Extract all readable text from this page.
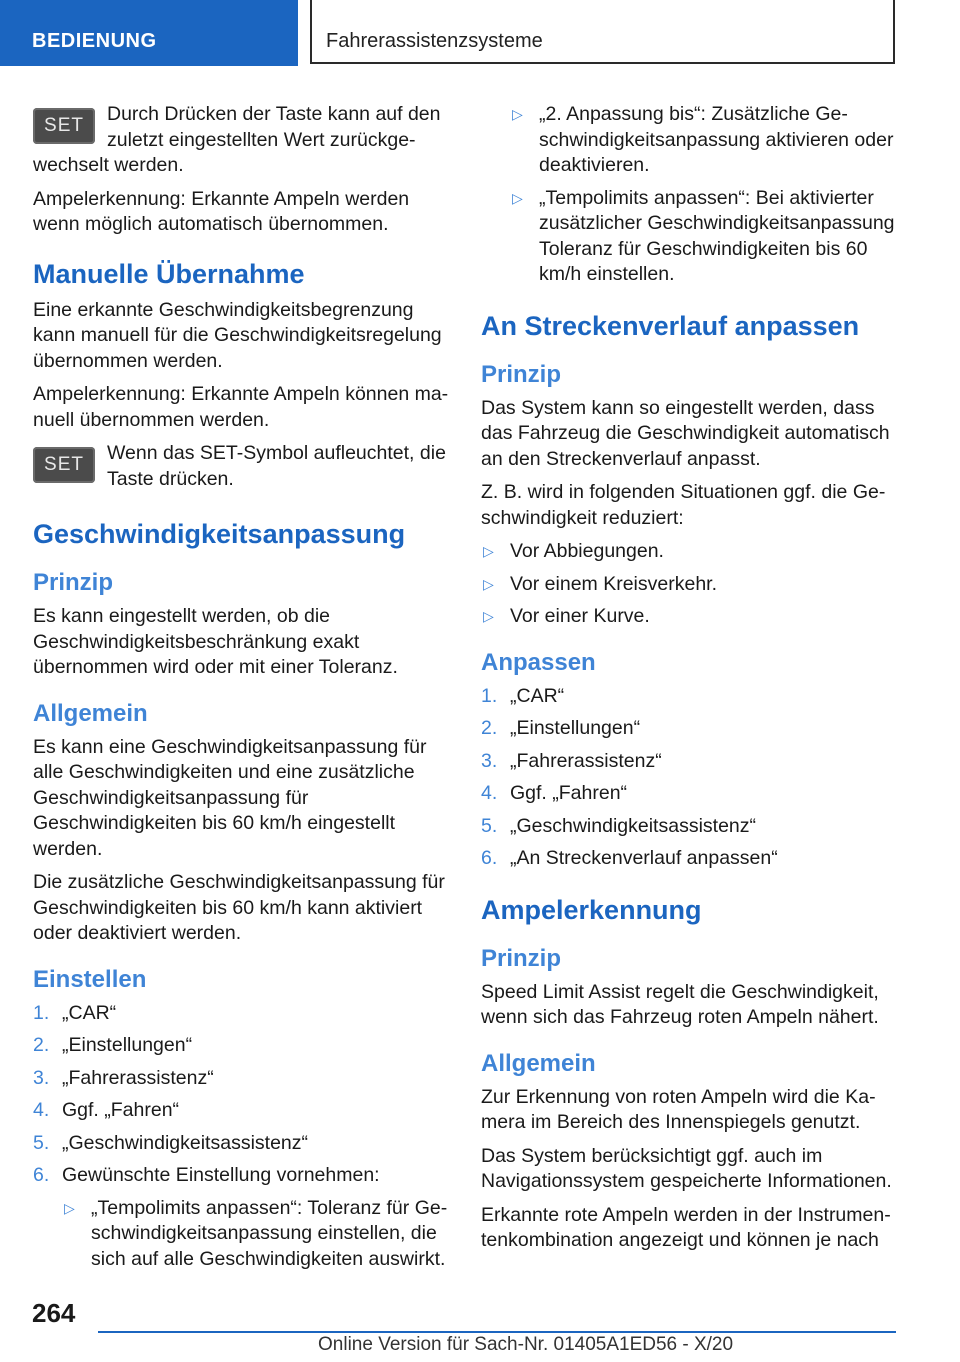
BEDIENUNG	Fahrerassistenzsysteme
SET
Durch Drücken der Taste kann auf den zuletzt eingestellten Wert zurückgewechselt werden.

Ampelerkennung: Erkannte Ampeln werden wenn möglich automatisch übernommen.

Manuelle Übernahme

Eine erkannte Geschwindigkeitsbegrenzung kann manuell für die Geschwindigkeitsregelung übernommen werden.

Ampelerkennung: Erkannte Ampeln können manuell übernommen werden.

SET
Wenn das SET-Symbol aufleuchtet, die Taste drücken.
Geschwindigkeitsanpassung
Prinzip

Es kann eingestellt werden, ob die Geschwindigkeitsbeschränkung exakt übernommen wird oder mit einer Toleranz.

Allgemein

Es kann eine Geschwindigkeitsanpassung für alle Geschwindigkeiten und eine zusätzliche Geschwindigkeitsanpassung für Geschwindigkeiten bis 60 km/h eingestellt werden.

Die zusätzliche Geschwindigkeitsanpassung für Geschwindigkeiten bis 60 km/h kann aktiviert oder deaktiviert werden.

Einstellen
1. „CAR“
2. „Einstellungen“
3. „Fahrerassistenz“
4. Ggf. „Fahren“
5. „Geschwindigkeitsassistenz“
6. Gewünschte Einstellung vornehmen:
▷ „Tempolimits anpassen“: Toleranz für Geschwindigkeitsanpassung einstellen, die sich auf alle Geschwindigkeiten auswirkt.
▷ „2. Anpassung bis“: Zusätzliche Geschwindigkeitsanpassung aktivieren oder deaktivieren.
▷ „Tempolimits anpassen“: Bei aktivierter zusätzlicher Geschwindigkeitsanpassung Toleranz für Geschwindigkeiten bis 60 km/h einstellen.
An Streckenverlauf anpassen
Prinzip

Das System kann so eingestellt werden, dass das Fahrzeug die Geschwindigkeit automatisch an den Streckenverlauf anpasst.

Z. B. wird in folgenden Situationen ggf. die Geschwindigkeit reduziert:

▷ Vor Abbiegungen.
▷ Vor einem Kreisverkehr.
▷ Vor einer Kurve.
Anpassen
1. „CAR“
2. „Einstellungen“
3. „Fahrerassistenz“
4. Ggf. „Fahren“
5. „Geschwindigkeitsassistenz“
6. „An Streckenverlauf anpassen“
Ampelerkennung
Prinzip

Speed Limit Assist regelt die Geschwindigkeit, wenn sich das Fahrzeug roten Ampeln nähert.

Allgemein

Zur Erkennung von roten Ampeln wird die Kamera im Bereich des Innenspiegels genutzt.

Das System berücksichtigt ggf. auch im Navigationssystem gespeicherte Informationen.

Erkannte rote Ampeln werden in der Instrumentenkombination angezeigt und können je nach

264
Online Version für Sach-Nr. 01405A1ED56 - X/20
